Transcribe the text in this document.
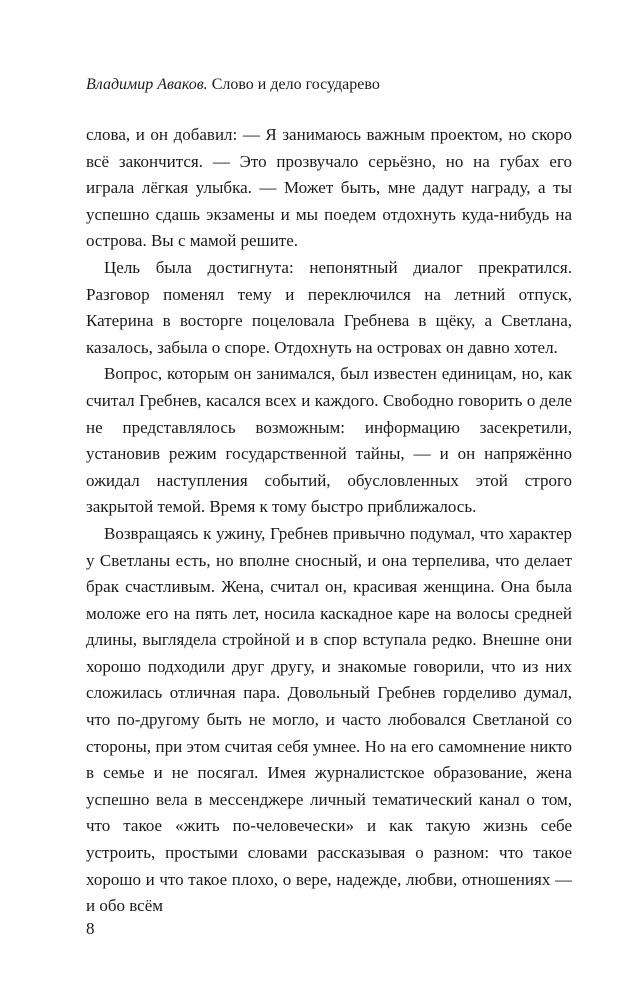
Владимир Аваков. Слово и дело государево

слова, и он добавил: — Я занимаюсь важным проектом, но скоро всё закончится. — Это прозвучало серьёзно, но на губах его играла лёгкая улыбка. — Может быть, мне дадут награду, а ты успешно сдашь экзамены и мы поедем отдохнуть куда-нибудь на острова. Вы с мамой решите.

Цель была достигнута: непонятный диалог прекратился. Разговор поменял тему и переключился на летний отпуск, Катерина в восторге поцеловала Гребнева в щёку, а Светлана, казалось, забыла о споре. Отдохнуть на островах он давно хотел.

Вопрос, которым он занимался, был известен единицам, но, как считал Гребнев, касался всех и каждого. Свободно говорить о деле не представлялось возможным: информацию засекретили, установив режим государственной тайны, — и он напряжённо ожидал наступления событий, обусловленных этой строго закрытой темой. Время к тому быстро приближалось.

Возвращаясь к ужину, Гребнев привычно подумал, что характер у Светланы есть, но вполне сносный, и она терпелива, что делает брак счастливым. Жена, считал он, красивая женщина. Она была моложе его на пять лет, носила каскадное каре на волосы средней длины, выглядела стройной и в спор вступала редко. Внешне они хорошо подходили друг другу, и знакомые говорили, что из них сложилась отличная пара. Довольный Гребнев горделиво думал, что по-другому быть не могло, и часто любовался Светланой со стороны, при этом считая себя умнее. Но на его самомнение никто в семье и не посягал. Имея журналистское образование, жена успешно вела в мессенджере личный тематический канал о том, что такое «жить по-человечески» и как такую жизнь себе устроить, простыми словами рассказывая о разном: что такое хорошо и что такое плохо, о вере, надежде, любви, отношениях — и обо всём

8
